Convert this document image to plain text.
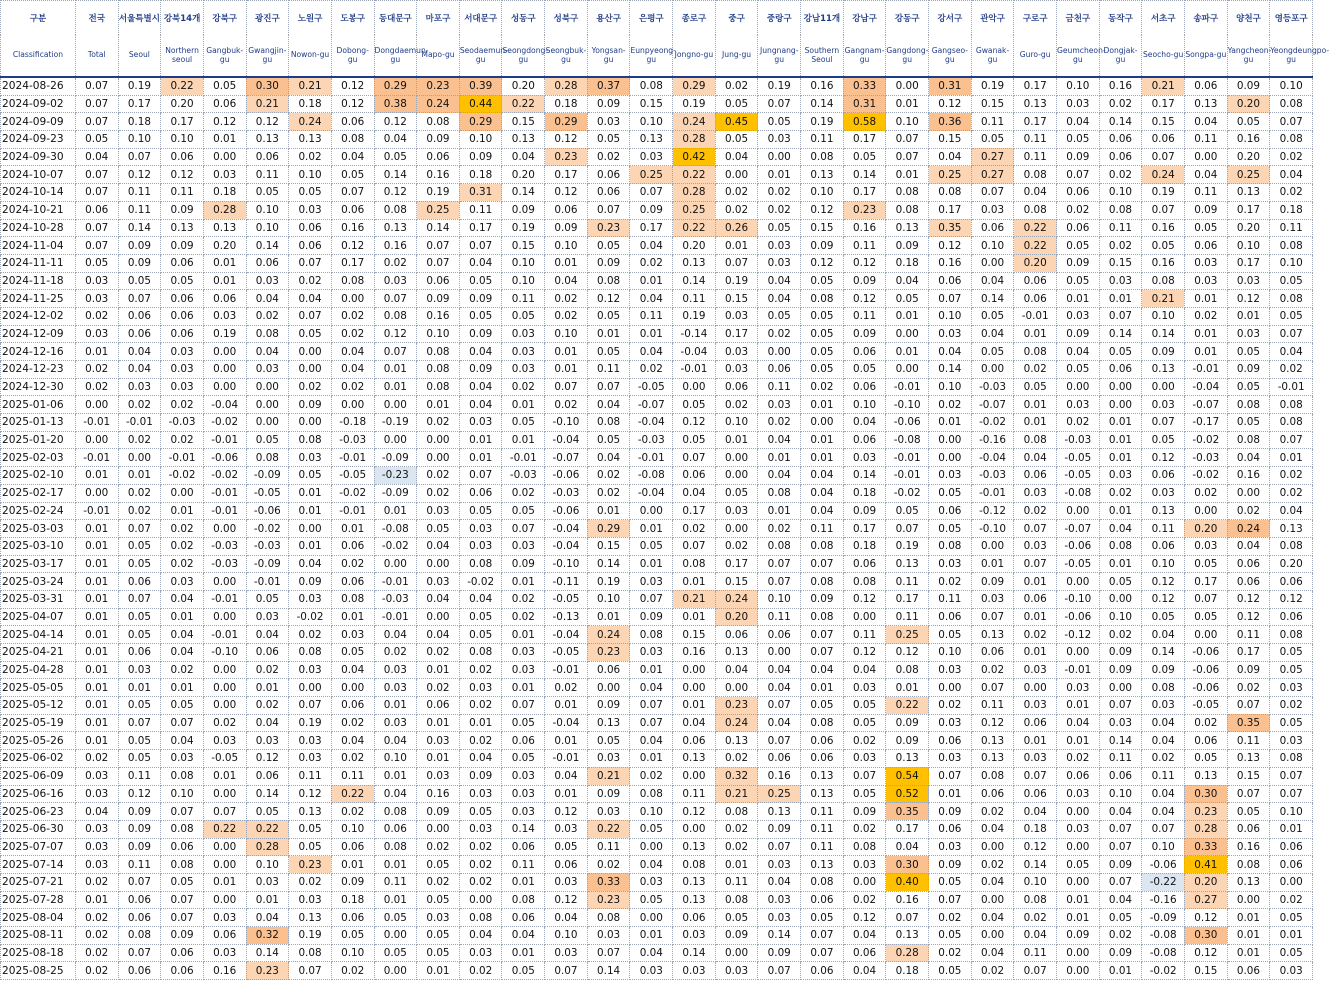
구분	전국	서울특별시	강북14개	강북구	광진구	노원구	도봉구	동대문구	마포구	서대문구	성동구	성북구	용산구	은평구	종로구	중구	중랑구	강남11개	강남구	강동구	강서구	관악구	구로구	금천구	동작구	서초구	송파구	양천구	영등포구
Classification	Total	Seoul	Northern seoul	Gangbuk-gu	Gwangjin-gu	Nowon-gu	Dobong-gu	Dongdaemun-gu	Mapo-gu	Seodaemun-gu	Seongdong-gu	Seongbuk-gu	Yongsan-gu	Eunpyeong-gu	Jongno-gu	Jung-gu	Jungnang-gu	Southern Seoul	Gangnam-gu	Gangdong-gu	Gangseo-gu	Gwanak-gu	Guro-gu	Geumcheon-gu	Dongjak-gu	Seocho-gu	Songpa-gu	Yangcheon-gu	Yeongdeungpo-gu
2024-08-26	0.07	0.19	0.22	0.05	0.30	0.21	0.12	0.29	0.23	0.39	0.20	0.28	0.37	0.08	0.29	0.02	0.19	0.16	0.33	0.00	0.31	0.19	0.17	0.10	0.16	0.21	0.06	0.09	0.10
2024-09-02	0.07	0.17	0.20	0.06	0.21	0.18	0.12	0.38	0.24	0.44	0.22	0.18	0.09	0.15	0.19	0.05	0.07	0.14	0.31	0.01	0.12	0.15	0.13	0.03	0.02	0.17	0.13	0.20	0.08
2024-09-09	0.07	0.18	0.17	0.12	0.12	0.24	0.06	0.12	0.08	0.29	0.15	0.29	0.03	0.10	0.24	0.45	0.05	0.19	0.58	0.10	0.36	0.11	0.17	0.04	0.14	0.15	0.04	0.05	0.07
2024-09-23	0.05	0.10	0.10	0.01	0.13	0.13	0.08	0.04	0.09	0.10	0.13	0.12	0.05	0.13	0.28	0.05	0.03	0.11	0.17	0.07	0.15	0.05	0.11	0.05	0.06	0.06	0.11	0.16	0.08
2024-09-30	0.04	0.07	0.06	0.00	0.06	0.02	0.04	0.05	0.06	0.09	0.04	0.23	0.02	0.03	0.42	0.04	0.00	0.08	0.05	0.07	0.04	0.27	0.11	0.09	0.06	0.07	0.00	0.20	0.02
2024-10-07	0.07	0.12	0.12	0.03	0.11	0.10	0.05	0.14	0.16	0.18	0.20	0.17	0.06	0.25	0.22	0.00	0.01	0.13	0.14	0.01	0.25	0.27	0.08	0.07	0.02	0.24	0.04	0.25	0.04
2024-10-14	0.07	0.11	0.11	0.18	0.05	0.05	0.07	0.12	0.19	0.31	0.14	0.12	0.06	0.07	0.28	0.02	0.02	0.10	0.17	0.08	0.08	0.07	0.04	0.06	0.10	0.19	0.11	0.13	0.02
2024-10-21	0.06	0.11	0.09	0.28	0.10	0.03	0.06	0.08	0.25	0.11	0.09	0.06	0.07	0.09	0.25	0.02	0.02	0.12	0.23	0.08	0.17	0.03	0.08	0.02	0.08	0.07	0.09	0.17	0.18
2024-10-28	0.07	0.14	0.13	0.13	0.10	0.06	0.16	0.13	0.14	0.17	0.19	0.09	0.23	0.17	0.22	0.26	0.05	0.15	0.16	0.13	0.35	0.06	0.22	0.06	0.11	0.16	0.05	0.20	0.11
2024-11-04	0.07	0.09	0.09	0.20	0.14	0.06	0.12	0.16	0.07	0.07	0.15	0.10	0.05	0.04	0.20	0.01	0.03	0.09	0.11	0.09	0.12	0.10	0.22	0.05	0.02	0.05	0.06	0.10	0.08
2024-11-11	0.05	0.09	0.06	0.01	0.06	0.07	0.17	0.02	0.07	0.04	0.10	0.01	0.09	0.02	0.13	0.07	0.03	0.12	0.12	0.18	0.16	0.00	0.20	0.09	0.15	0.16	0.03	0.17	0.10
2024-11-18	0.03	0.05	0.05	0.01	0.03	0.02	0.08	0.03	0.06	0.05	0.10	0.04	0.08	0.01	0.14	0.19	0.04	0.05	0.09	0.04	0.06	0.04	0.06	0.05	0.03	0.08	0.03	0.03	0.05
2024-11-25	0.03	0.07	0.06	0.06	0.04	0.04	0.00	0.07	0.09	0.09	0.11	0.02	0.12	0.04	0.11	0.15	0.04	0.08	0.12	0.05	0.07	0.14	0.06	0.01	0.01	0.21	0.01	0.12	0.08
2024-12-02	0.02	0.06	0.06	0.03	0.02	0.07	0.02	0.08	0.16	0.05	0.05	0.02	0.05	0.11	0.19	0.03	0.05	0.05	0.11	0.01	0.10	0.05	-0.01	0.03	0.07	0.10	0.02	0.01	0.05
2024-12-09	0.03	0.06	0.06	0.19	0.08	0.05	0.02	0.12	0.10	0.09	0.03	0.10	0.01	0.01	-0.14	0.17	0.02	0.05	0.09	0.00	0.03	0.04	0.01	0.09	0.14	0.14	0.01	0.03	0.07
2024-12-16	0.01	0.04	0.03	0.00	0.04	0.00	0.04	0.07	0.08	0.04	0.03	0.01	0.05	0.04	-0.04	0.03	0.00	0.05	0.06	0.01	0.04	0.05	0.08	0.04	0.05	0.09	0.01	0.05	0.04
2024-12-23	0.02	0.04	0.03	0.00	0.03	0.00	0.04	0.01	0.08	0.09	0.03	0.01	0.11	0.02	-0.01	0.03	0.06	0.05	0.05	0.00	0.14	0.00	0.02	0.05	0.06	0.13	-0.01	0.09	0.02
2024-12-30	0.02	0.03	0.03	0.00	0.00	0.02	0.02	0.01	0.08	0.04	0.02	0.07	0.07	-0.05	0.00	0.06	0.11	0.02	0.06	-0.01	0.10	-0.03	0.05	0.00	0.00	0.00	-0.04	0.05	-0.01
2025-01-06	0.00	0.02	0.02	-0.04	0.00	0.09	0.00	0.00	0.01	0.04	0.01	0.02	0.04	-0.07	0.05	0.02	0.03	0.01	0.10	-0.10	0.02	-0.07	0.01	0.03	0.00	0.03	-0.07	0.08	0.08
2025-01-13	-0.01	-0.01	-0.03	-0.02	0.00	0.00	-0.18	-0.19	0.02	0.03	0.05	-0.10	0.08	-0.04	0.12	0.10	0.02	0.00	0.04	-0.06	0.01	-0.02	0.01	0.02	0.01	0.07	-0.17	0.05	0.08
2025-01-20	0.00	0.02	0.02	-0.01	0.05	0.08	-0.03	0.00	0.00	0.01	0.01	-0.04	0.05	-0.03	0.05	0.01	0.04	0.01	0.06	-0.08	0.00	-0.16	0.08	-0.03	0.01	0.05	-0.02	0.08	0.07
2025-02-03	-0.01	0.00	-0.01	-0.06	0.08	0.03	-0.01	-0.09	0.00	0.01	-0.01	-0.07	0.04	-0.01	0.07	0.00	0.01	0.01	0.03	-0.01	0.00	-0.04	0.04	-0.05	0.01	0.12	-0.03	0.04	0.01
2025-02-10	0.01	0.01	-0.02	-0.02	-0.09	0.05	-0.05	-0.23	0.02	0.07	-0.03	-0.06	0.02	-0.08	0.06	0.00	0.04	0.04	0.14	-0.01	0.03	-0.03	0.06	-0.05	0.03	0.06	-0.02	0.16	0.02
2025-02-17	0.00	0.02	0.00	-0.01	-0.05	0.01	-0.02	-0.09	0.02	0.06	0.02	-0.03	0.02	-0.04	0.04	0.05	0.08	0.04	0.18	-0.02	0.05	-0.01	0.03	-0.08	0.02	0.03	0.02	0.00	0.02
2025-02-24	-0.01	0.02	0.01	-0.01	-0.06	0.01	-0.01	0.01	0.03	0.05	0.05	-0.06	0.01	0.00	0.17	0.03	0.01	0.04	0.09	0.05	0.06	-0.12	0.02	0.00	0.01	0.13	0.00	0.02	0.04
2025-03-03	0.01	0.07	0.02	0.00	-0.02	0.00	0.01	-0.08	0.05	0.03	0.07	-0.04	0.29	0.01	0.02	0.00	0.02	0.11	0.17	0.07	0.05	-0.10	0.07	-0.07	0.04	0.11	0.20	0.24	0.13
2025-03-10	0.01	0.05	0.02	-0.03	-0.03	0.01	0.06	-0.02	0.04	0.03	0.03	-0.04	0.15	0.05	0.07	0.02	0.08	0.08	0.18	0.19	0.08	0.00	0.03	-0.06	0.08	0.06	0.03	0.04	0.08
2025-03-17	0.01	0.05	0.02	-0.03	-0.09	0.04	0.02	0.00	0.00	0.08	0.09	-0.10	0.14	0.01	0.08	0.17	0.07	0.07	0.06	0.13	0.03	0.01	0.07	-0.05	0.01	0.10	0.05	0.06	0.20
2025-03-24	0.01	0.06	0.03	0.00	-0.01	0.09	0.06	-0.01	0.03	-0.02	0.01	-0.11	0.19	0.03	0.01	0.15	0.07	0.08	0.08	0.11	0.02	0.09	0.01	0.00	0.05	0.12	0.17	0.06	0.06
2025-03-31	0.01	0.07	0.04	-0.01	0.05	0.03	0.08	-0.03	0.04	0.04	0.02	-0.05	0.10	0.07	0.21	0.24	0.10	0.09	0.12	0.17	0.11	0.03	0.06	-0.10	0.00	0.12	0.07	0.12	0.12
2025-04-07	0.01	0.05	0.01	0.00	0.03	-0.02	0.01	-0.01	0.00	0.05	0.02	-0.13	0.01	0.09	0.01	0.20	0.11	0.08	0.00	0.11	0.06	0.07	0.01	-0.06	0.10	0.05	0.05	0.12	0.06
2025-04-14	0.01	0.05	0.04	-0.01	0.04	0.02	0.03	0.04	0.04	0.05	0.01	-0.04	0.24	0.08	0.15	0.06	0.06	0.07	0.11	0.25	0.05	0.13	0.02	-0.12	0.02	0.04	0.00	0.11	0.08
2025-04-21	0.01	0.06	0.04	-0.10	0.06	0.08	0.05	0.02	0.02	0.08	0.03	-0.05	0.23	0.03	0.16	0.13	0.00	0.07	0.12	0.12	0.10	0.06	0.01	0.00	0.09	0.14	-0.06	0.17	0.05
2025-04-28	0.01	0.03	0.02	0.00	0.02	0.03	0.04	0.03	0.01	0.02	0.03	-0.01	0.06	0.01	0.00	0.04	0.04	0.04	0.04	0.08	0.03	0.02	0.03	-0.01	0.09	0.09	-0.06	0.09	0.05
2025-05-05	0.01	0.01	0.01	0.00	0.01	0.00	0.00	0.03	0.02	0.03	0.01	0.02	0.00	0.04	0.00	0.00	0.04	0.01	0.03	0.01	0.00	0.07	0.00	0.03	0.00	0.08	-0.06	0.02	0.03
2025-05-12	0.01	0.05	0.05	0.00	0.02	0.07	0.06	0.01	0.06	0.02	0.07	0.01	0.09	0.07	0.01	0.23	0.07	0.05	0.05	0.22	0.02	0.11	0.03	0.01	0.07	0.03	-0.05	0.07	0.02
2025-05-19	0.01	0.07	0.07	0.02	0.04	0.19	0.02	0.03	0.01	0.01	0.05	-0.04	0.13	0.07	0.04	0.24	0.04	0.08	0.05	0.09	0.03	0.12	0.06	0.04	0.03	0.04	0.02	0.35	0.05
2025-05-26	0.01	0.05	0.04	0.03	0.03	0.03	0.04	0.04	0.03	0.02	0.06	0.01	0.05	0.04	0.06	0.13	0.07	0.06	0.02	0.09	0.06	0.13	0.01	0.01	0.14	0.04	0.06	0.11	0.03
2025-06-02	0.02	0.05	0.03	-0.05	0.12	0.03	0.02	0.10	0.01	0.04	0.05	-0.01	0.03	0.01	0.13	0.02	0.06	0.06	0.03	0.13	0.03	0.13	0.03	0.02	0.11	0.02	0.05	0.13	0.08
2025-06-09	0.03	0.11	0.08	0.01	0.06	0.11	0.11	0.01	0.03	0.09	0.03	0.04	0.21	0.02	0.00	0.32	0.16	0.13	0.07	0.54	0.07	0.08	0.07	0.06	0.06	0.11	0.13	0.15	0.07
2025-06-16	0.03	0.12	0.10	0.00	0.14	0.12	0.22	0.04	0.16	0.03	0.03	0.01	0.09	0.08	0.11	0.21	0.25	0.13	0.05	0.52	0.01	0.06	0.06	0.03	0.10	0.04	0.30	0.07	0.07
2025-06-23	0.04	0.09	0.07	0.07	0.05	0.13	0.02	0.08	0.09	0.05	0.03	0.12	0.03	0.10	0.12	0.08	0.13	0.11	0.09	0.35	0.09	0.02	0.04	0.00	0.04	0.04	0.23	0.05	0.10
2025-06-30	0.03	0.09	0.08	0.22	0.22	0.05	0.10	0.06	0.00	0.03	0.14	0.03	0.22	0.05	0.00	0.02	0.09	0.11	0.02	0.17	0.06	0.04	0.18	0.03	0.07	0.07	0.28	0.06	0.01
2025-07-07	0.03	0.09	0.06	0.00	0.28	0.05	0.06	0.08	0.02	0.02	0.06	0.05	0.11	0.00	0.13	0.02	0.07	0.11	0.08	0.04	0.03	0.00	0.12	0.00	0.07	0.10	0.33	0.16	0.06
2025-07-14	0.03	0.11	0.08	0.00	0.10	0.23	0.01	0.01	0.05	0.02	0.11	0.06	0.02	0.04	0.08	0.01	0.03	0.13	0.03	0.30	0.09	0.02	0.14	0.05	0.09	-0.06	0.41	0.08	0.06
2025-07-21	0.02	0.07	0.05	0.01	0.03	0.02	0.09	0.11	0.02	0.02	0.01	0.03	0.33	0.03	0.13	0.11	0.04	0.08	0.00	0.40	0.05	0.04	0.10	0.00	0.07	-0.22	0.20	0.13	0.00
2025-07-28	0.01	0.06	0.07	0.00	0.01	0.03	0.18	0.01	0.05	0.00	0.08	0.12	0.23	0.05	0.13	0.08	0.03	0.06	0.02	0.16	0.07	0.00	0.08	0.01	0.04	-0.16	0.27	0.00	0.02
2025-08-04	0.02	0.06	0.07	0.03	0.04	0.13	0.06	0.05	0.03	0.08	0.06	0.04	0.08	0.00	0.06	0.05	0.03	0.05	0.12	0.07	0.02	0.04	0.02	0.01	0.05	-0.09	0.12	0.01	0.05
2025-08-11	0.02	0.08	0.09	0.06	0.32	0.19	0.05	0.00	0.05	0.04	0.04	0.10	0.03	0.01	0.03	0.09	0.14	0.07	0.04	0.13	0.05	0.00	0.04	0.09	0.02	-0.08	0.30	0.01	0.01
2025-08-18	0.02	0.07	0.06	0.03	0.14	0.08	0.10	0.05	0.05	0.03	0.01	0.03	0.07	0.04	0.14	0.00	0.09	0.07	0.06	0.28	0.02	0.04	0.11	0.00	0.09	-0.08	0.12	0.01	0.05
2025-08-25	0.02	0.06	0.06	0.16	0.23	0.07	0.02	0.00	0.01	0.02	0.05	0.07	0.14	0.03	0.03	0.03	0.07	0.06	0.04	0.18	0.05	0.02	0.07	0.00	0.01	-0.02	0.15	0.06	0.03
